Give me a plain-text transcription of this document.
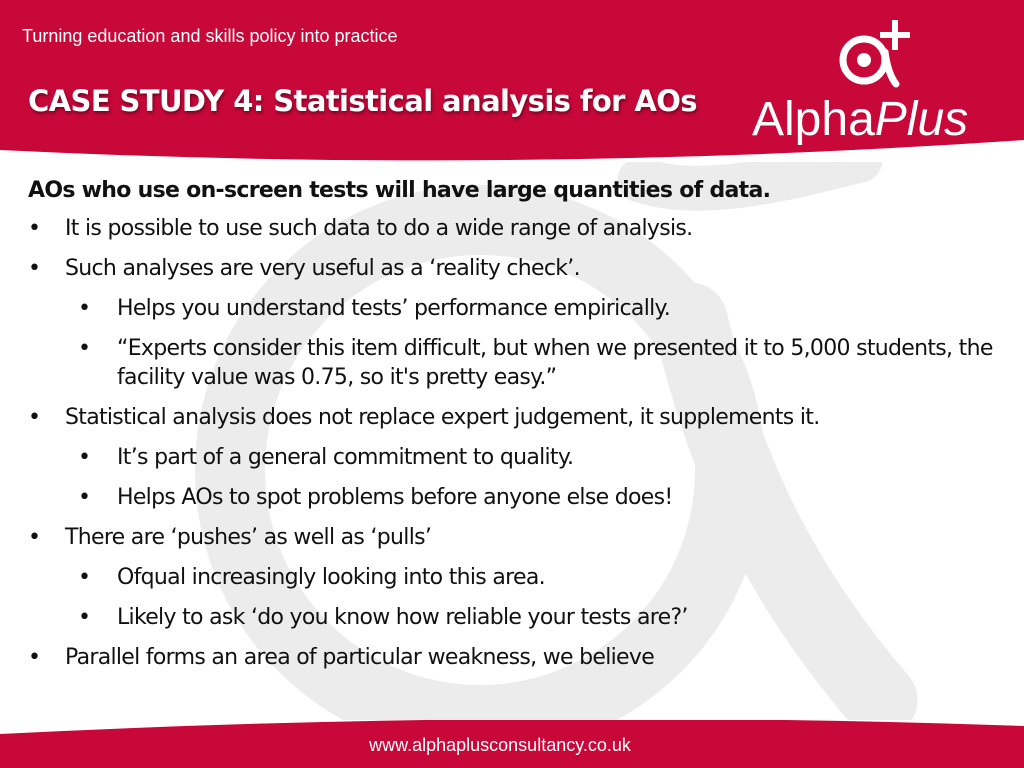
Turning education and skills policy into practice
CASE STUDY 4: Statistical analysis for AOs AlphaPlus

AOs who use on-screen tests will have large quantities of data.

• It is possible to use such data to do a wide range of analysis.
• Such analyses are very useful as a ‘reality check’.
• Helps you understand tests’ performance empirically.
• “Experts consider this item difficult, but when we presented it to 5,000 students, the facility value was 0.75, so it's pretty easy.”
• Statistical analysis does not replace expert judgement, it supplements it.
• It’s part of a general commitment to quality.
• Helps AOs to spot problems before anyone else does!
• There are ‘pushes’ as well as ‘pulls’
• Ofqual increasingly looking into this area.
• Likely to ask ‘do you know how reliable your tests are?’
• Parallel forms an area of particular weakness, we believe
www.alphaplusconsultancy.co.uk
